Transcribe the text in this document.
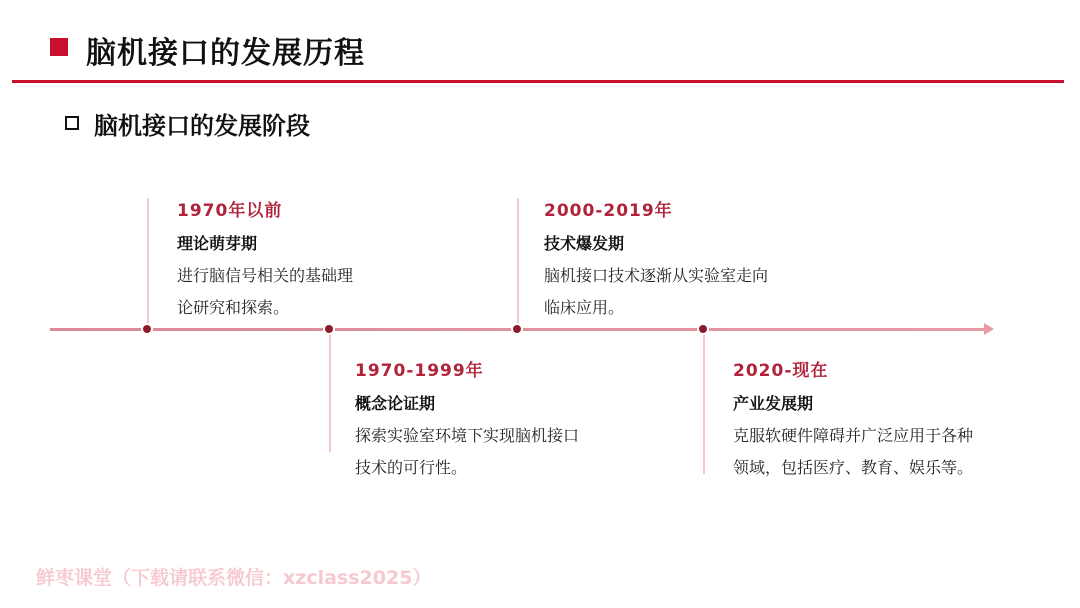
脑机接口的发展历程
脑机接口的发展阶段
1970年以前
理论萌芽期
进行脑信号相关的基础理
论研究和探索。
1970-1999年
概念论证期
探索实验室环境下实现脑机接口
技术的可行性。
2000-2019年
技术爆发期
脑机接口技术逐渐从实验室走向
临床应用。
2020-现在
产业发展期
克服软硬件障碍并广泛应用于各种
领域，包括医疗、教育、娱乐等。
鲜枣课堂（下载请联系微信：xzclass2025）
